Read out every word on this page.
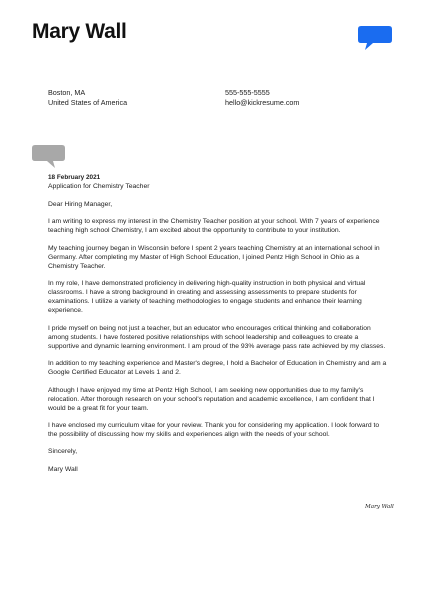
Mary Wall
Boston, MA
United States of America
555-555-5555
hello@kickresume.com
18 February 2021
Application for Chemistry Teacher

Dear Hiring Manager,

I am writing to express my interest in the Chemistry Teacher position at your school. With 7 years of experience teaching high school Chemistry, I am excited about the opportunity to contribute to your institution.

My teaching journey began in Wisconsin before I spent 2 years teaching Chemistry at an international school in Germany. After completing my Master of High School Education, I joined Pentz High School in Ohio as a Chemistry Teacher.

In my role, I have demonstrated proficiency in delivering high-quality instruction in both physical and virtual classrooms. I have a strong background in creating and assessing assessments to prepare students for examinations. I utilize a variety of teaching methodologies to engage students and enhance their learning experience.

I pride myself on being not just a teacher, but an educator who encourages critical thinking and collaboration among students. I have fostered positive relationships with school leadership and colleagues to create a supportive and dynamic learning environment. I am proud of the 93% average pass rate achieved by my classes.

In addition to my teaching experience and Master's degree, I hold a Bachelor of Education in Chemistry and am a Google Certified Educator at Levels 1 and 2.

Although I have enjoyed my time at Pentz High School, I am seeking new opportunities due to my family's relocation. After thorough research on your school's reputation and academic excellence, I am confident that I would be a great fit for your team.

I have enclosed my curriculum vitae for your review. Thank you for considering my application. I look forward to the possibility of discussing how my skills and experiences align with the needs of your school.

Sincerely,

Mary Wall

Mary Wall
